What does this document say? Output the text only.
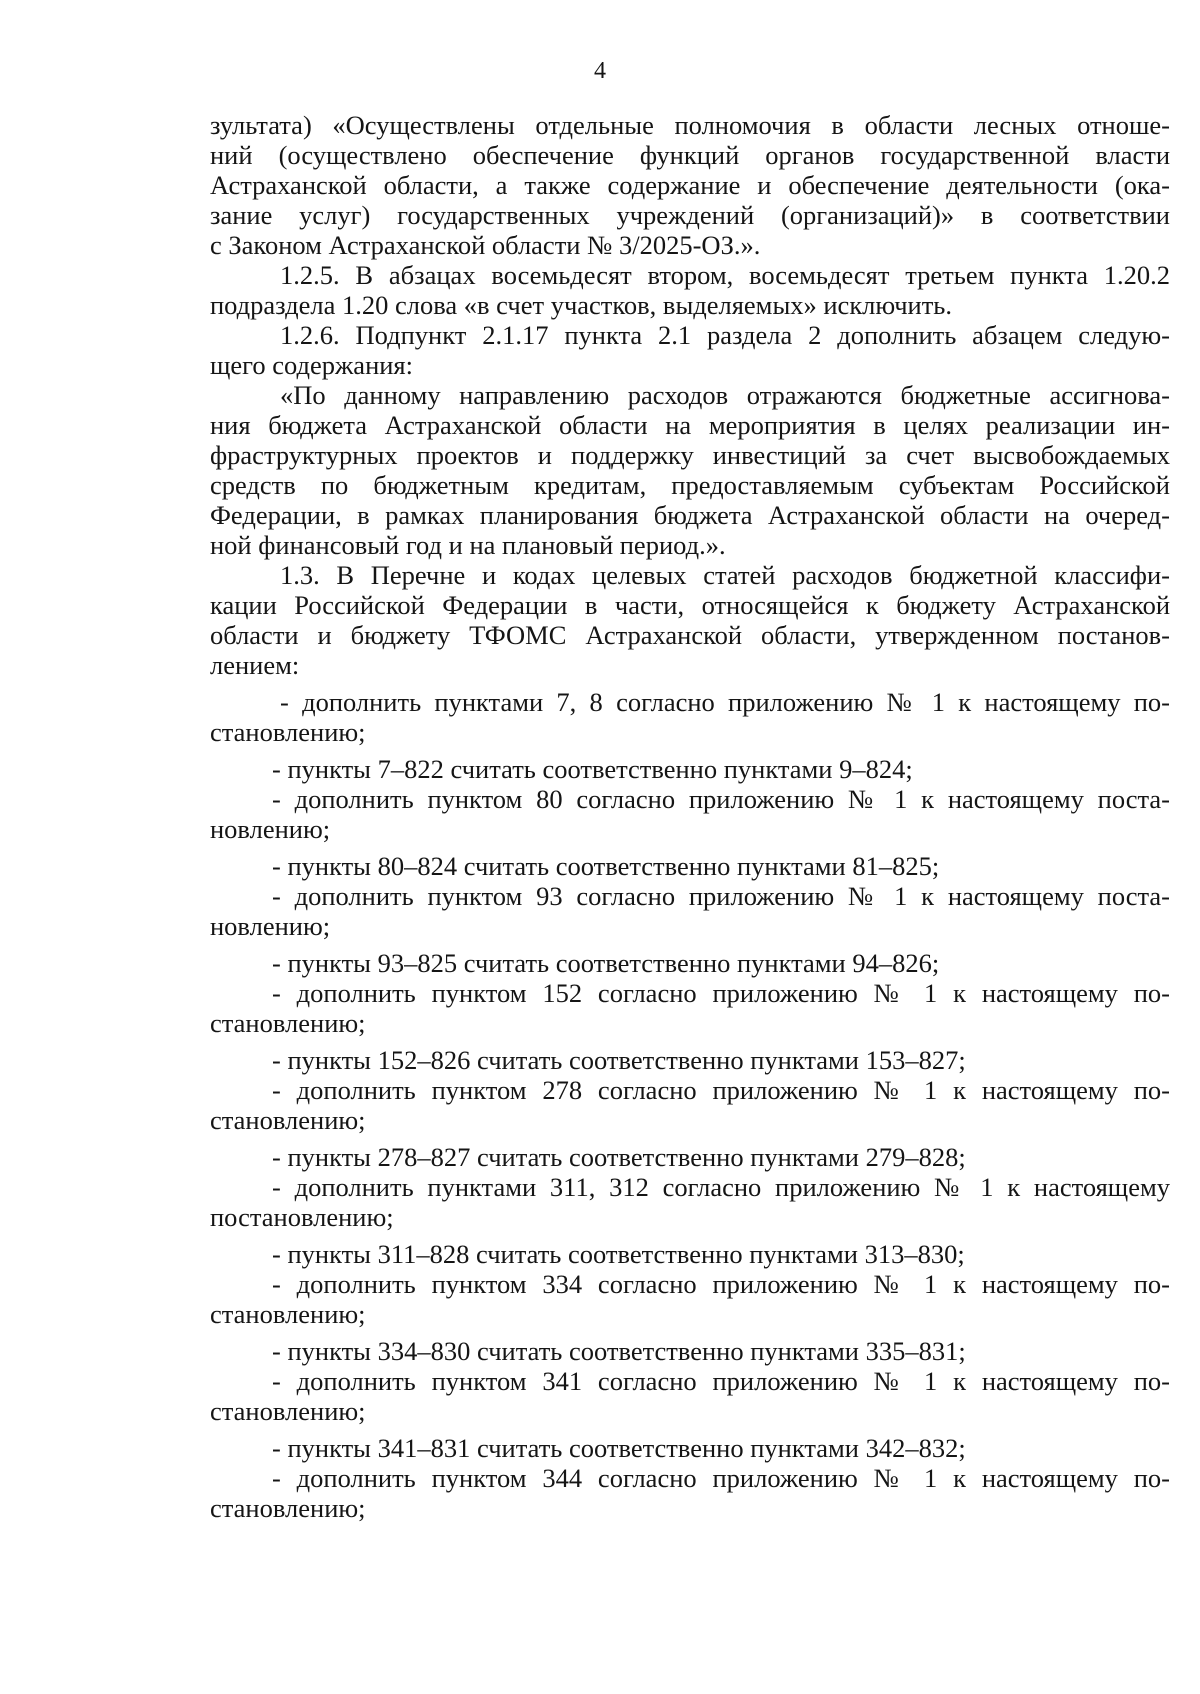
4
зультата) «Осуществлены отдельные полномочия в области лесных отноше-
ний (осуществлено обеспечение функций органов государственной власти
Астраханской области, а также содержание и обеспечение деятельности (ока-
зание услуг) государственных учреждений (организаций)» в соответствии
с Законом Астраханской области № 3/2025-ОЗ.».
1.2.5. В абзацах восемьдесят втором, восемьдесят третьем пункта 1.20.2
подраздела 1.20 слова «в счет участков, выделяемых» исключить.
1.2.6. Подпункт 2.1.17 пункта 2.1 раздела 2 дополнить абзацем следую-
щего содержания:
«По данному направлению расходов отражаются бюджетные ассигнова-
ния бюджета Астраханской области на мероприятия в целях реализации ин-
фраструктурных проектов и поддержку инвестиций за счет высвобождаемых
средств по бюджетным кредитам, предоставляемым субъектам Российской
Федерации, в рамках планирования бюджета Астраханской области на очеред-
ной финансовый год и на плановый период.».
1.3. В Перечне и кодах целевых статей расходов бюджетной классифи-
кации Российской Федерации в части, относящейся к бюджету Астраханской
области и бюджету ТФОМС Астраханской области, утвержденном постанов-
лением:
- дополнить пунктами 7, 8 согласно приложению № 1 к настоящему по-
становлению;
- пункты 7–822 считать соответственно пунктами 9–824;
- дополнить пунктом 80 согласно приложению № 1 к настоящему поста-
новлению;
- пункты 80–824 считать соответственно пунктами 81–825;
- дополнить пунктом 93 согласно приложению № 1 к настоящему поста-
новлению;
- пункты 93–825 считать соответственно пунктами 94–826;
- дополнить пунктом 152 согласно приложению № 1 к настоящему по-
становлению;
- пункты 152–826 считать соответственно пунктами 153–827;
- дополнить пунктом 278 согласно приложению № 1 к настоящему по-
становлению;
- пункты 278–827 считать соответственно пунктами 279–828;
- дополнить пунктами 311, 312 согласно приложению № 1 к настоящему
постановлению;
- пункты 311–828 считать соответственно пунктами 313–830;
- дополнить пунктом 334 согласно приложению № 1 к настоящему по-
становлению;
- пункты 334–830 считать соответственно пунктами 335–831;
- дополнить пунктом 341 согласно приложению № 1 к настоящему по-
становлению;
- пункты 341–831 считать соответственно пунктами 342–832;
- дополнить пунктом 344 согласно приложению № 1 к настоящему по-
становлению;
